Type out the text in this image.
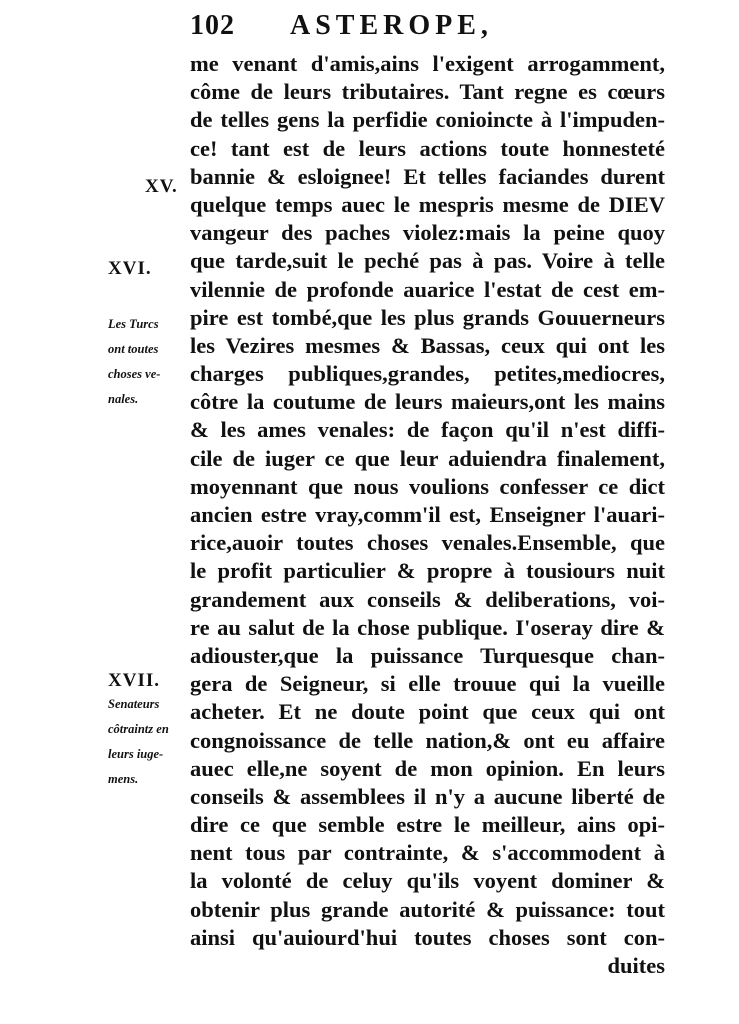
102 ASTEROPE,
XV.
XVI.
Les Turcs
ont toutes
choses ve-
nales.
XVII.
Senateurs
côtraintz en
leurs iuge-
mens.
me venant d'amis,ains l'exigent arrogamment,
côme de leurs tributaires. Tant regne es cœurs
de telles gens la perfidie conioincte à l'impuden-
ce! tant est de leurs actions toute honnesteté
bannie & esloignee! Et telles faciandes durent
quelque temps auec le mespris mesme de DIEV
vangeur des paches violez:mais la peine quoy
que tarde,suit le peché pas à pas. Voire à telle
vilennie de profonde auarice l'estat de cest em-
pire est tombé,que les plus grands Gouuerneurs
les Vezires mesmes & Bassas, ceux qui ont les
charges publiques,grandes, petites,mediocres,
côtre la coutume de leurs maieurs,ont les mains
& les ames venales: de façon qu'il n'est diffi-
cile de iuger ce que leur aduiendra finalement,
moyennant que nous voulions confesser ce dict
ancien estre vray,comm'il est, Enseigner l'auari-
rice,auoir toutes choses venales.Ensemble, que
le profit particulier & propre à tousiours nuit
grandement aux conseils & deliberations, voi-
re au salut de la chose publique. I'oseray dire &
adiouster,que la puissance Turquesque chan-
gera de Seigneur, si elle trouue qui la vueille
acheter. Et ne doute point que ceux qui ont
congnoissance de telle nation,& ont eu affaire
auec elle,ne soyent de mon opinion. En leurs
conseils & assemblees il n'y a aucune liberté de
dire ce que semble estre le meilleur, ains opi-
nent tous par contrainte, & s'accommodent à
la volonté de celuy qu'ils voyent dominer &
obtenir plus grande autorité & puissance: tout
ainsi qu'auiourd'hui toutes choses sont con-
duites
